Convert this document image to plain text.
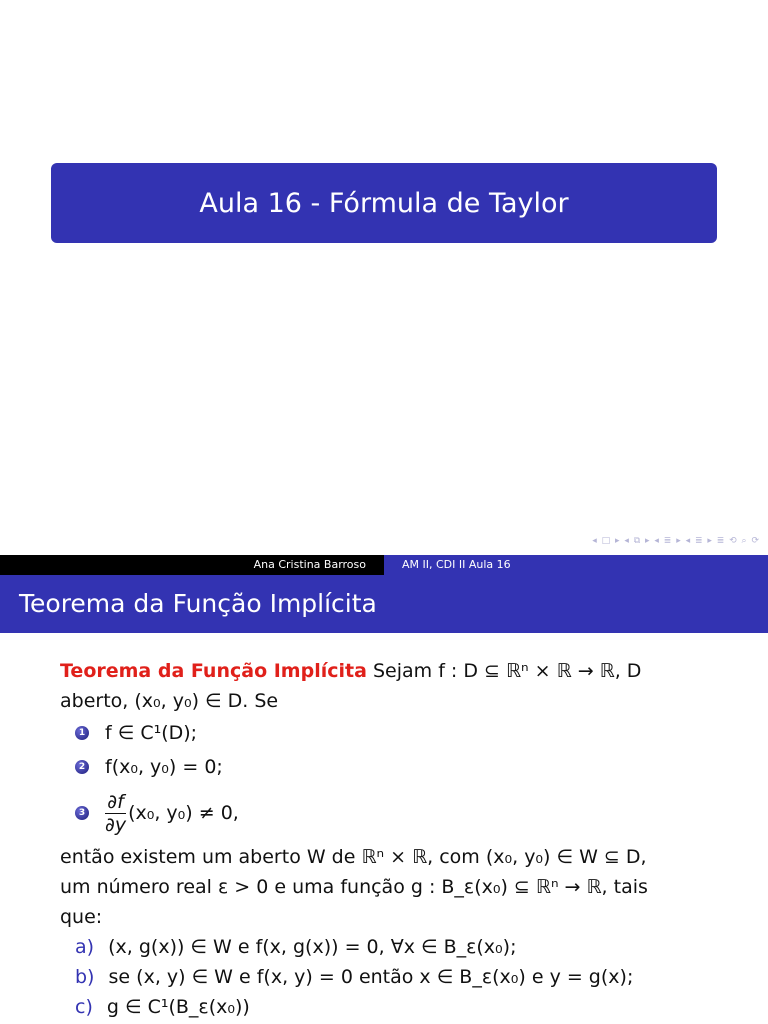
Aula 16 - Fórmula de Taylor
◂ □ ▸ ◂ ⧉ ▸ ◂ ≣ ▸ ◂ ≣ ▸ ≣ ⟲ ⌕ ⟳
Ana Cristina Barroso	AM II, CDI II Aula 16
Teorema da Função Implícita
Teorema da Função Implícita Sejam f : D ⊆ ℝⁿ × ℝ → ℝ, D
aberto, (x₀, y₀) ∈ D. Se
1 f ∈ C¹(D);
2 f(x₀, y₀) = 0;
$3 \frac{\partial f}{\partial y} (x_0$, y₀) ≠ 0,
então existem um aberto W de ℝⁿ × ℝ, com (x₀, y₀) ∈ W ⊆ D,
um número real ε > 0 e uma função g : B_ε(x₀) ⊆ ℝⁿ → ℝ, tais
que:
a) (x, g(x)) ∈ W e f(x, g(x)) = 0, ∀x ∈ B_ε(x₀);
b) se (x, y) ∈ W e f(x, y) = 0 então x ∈ B_ε(x₀) e y = g(x);
c) g ∈ C¹(B_ε(x₀))
